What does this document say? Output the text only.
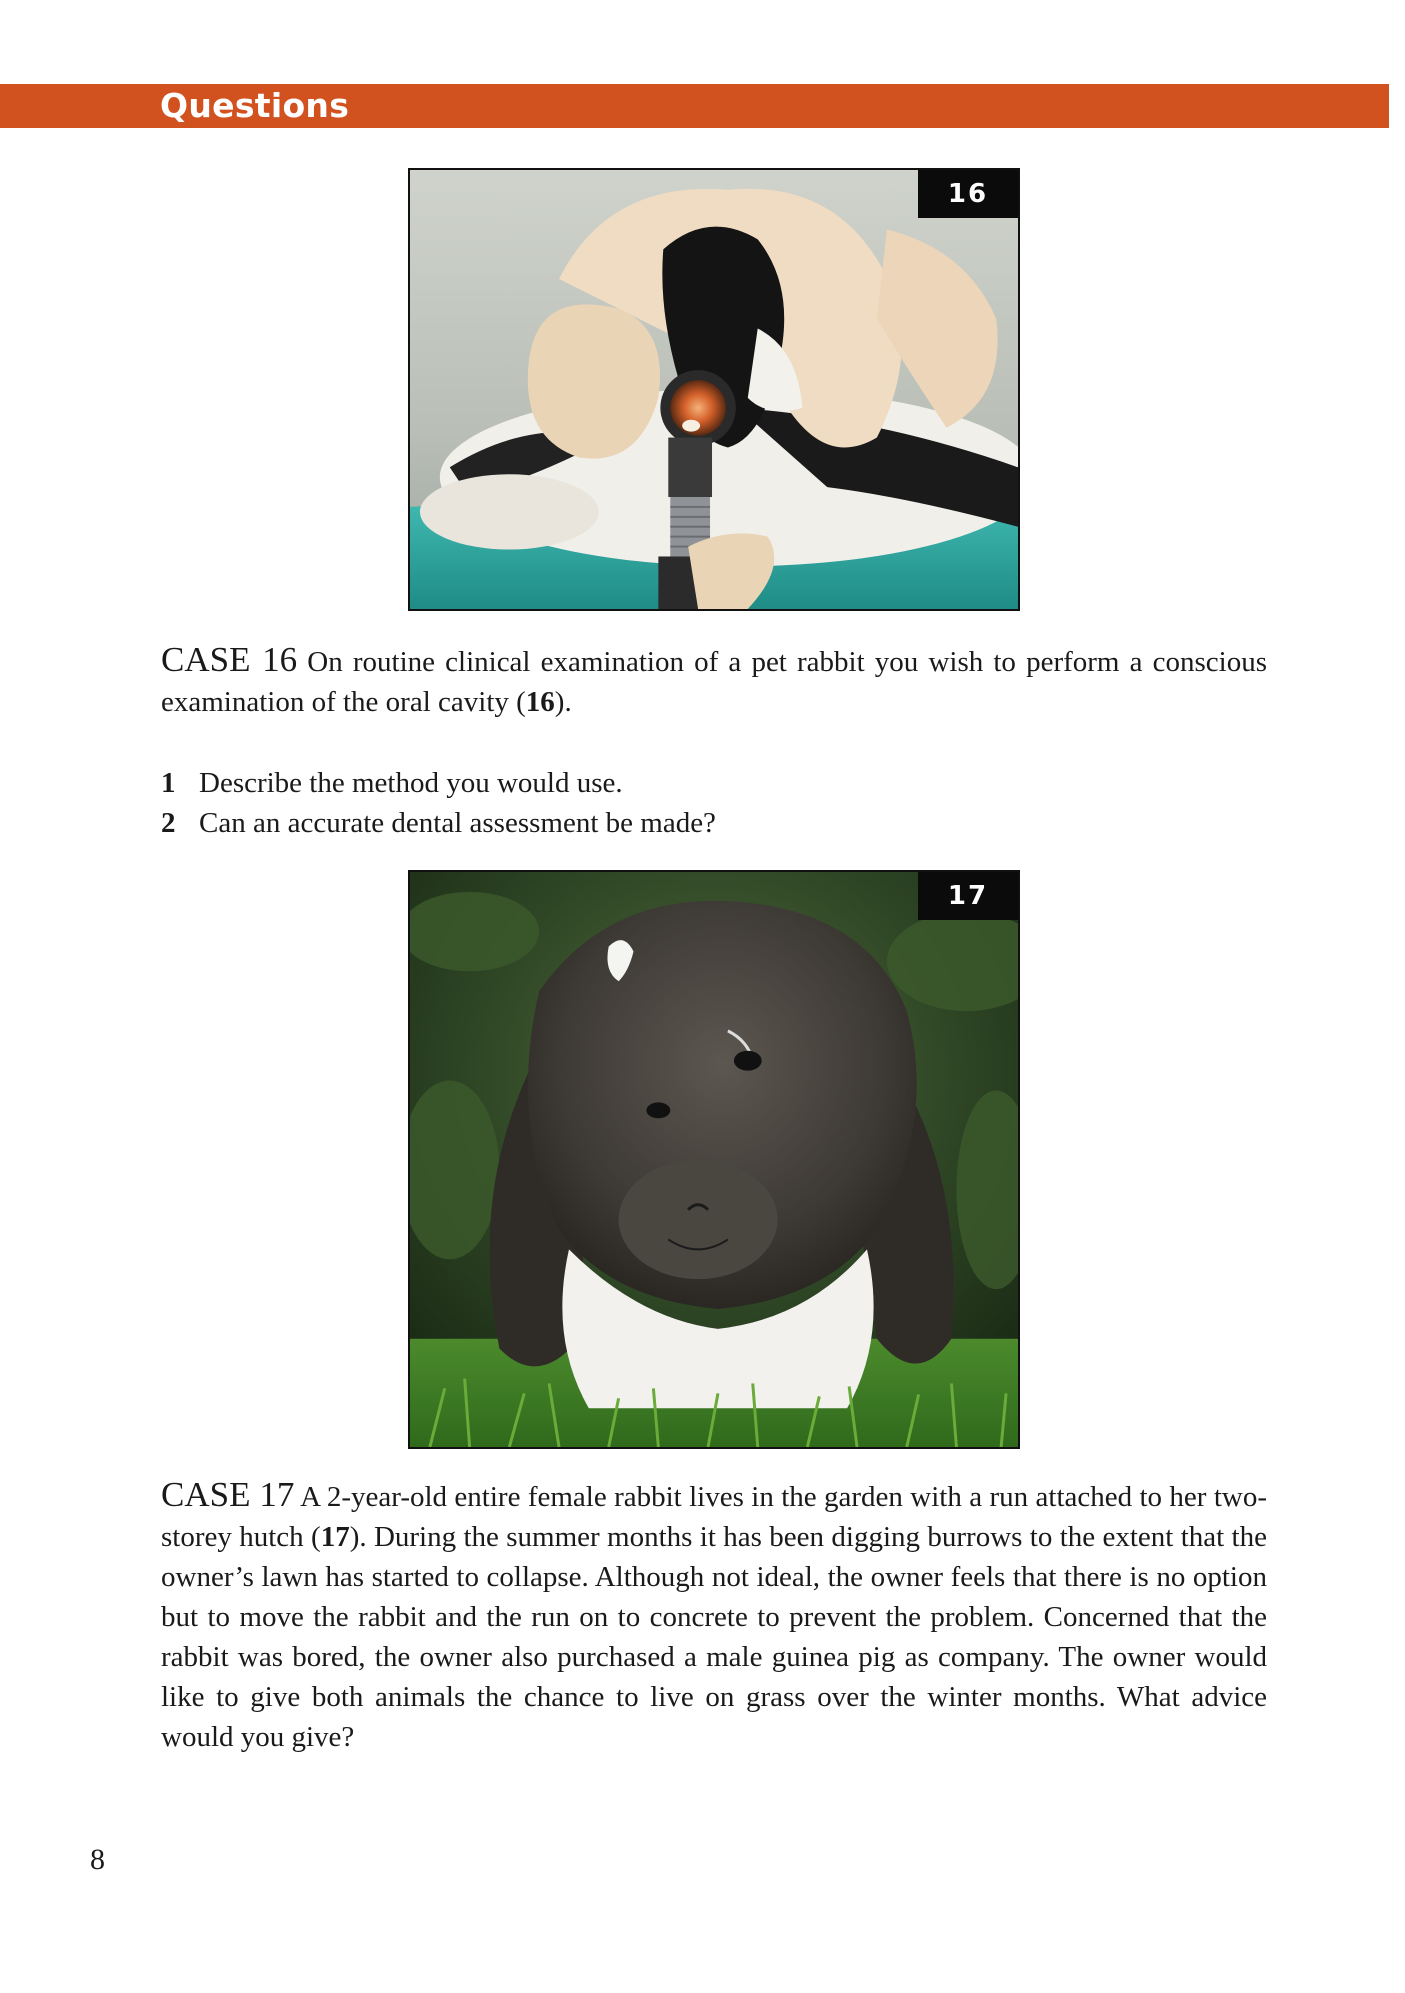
Questions
16
CASE 16 On routine clinical examination of a pet rabbit you wish to perform a conscious examination of the oral cavity (16).
1 Describe the method you would use.
2 Can an accurate dental assessment be made?
17
CASE 17 A 2-year-old entire female rabbit lives in the garden with a run attached to her two-storey hutch (17). During the summer months it has been digging burrows to the extent that the owner’s lawn has started to collapse. Although not ideal, the owner feels that there is no option but to move the rabbit and the run on to concrete to prevent the problem. Concerned that the rabbit was bored, the owner also purchased a male guinea pig as company. The owner would like to give both animals the chance to live on grass over the winter months. What advice would you give?
8
